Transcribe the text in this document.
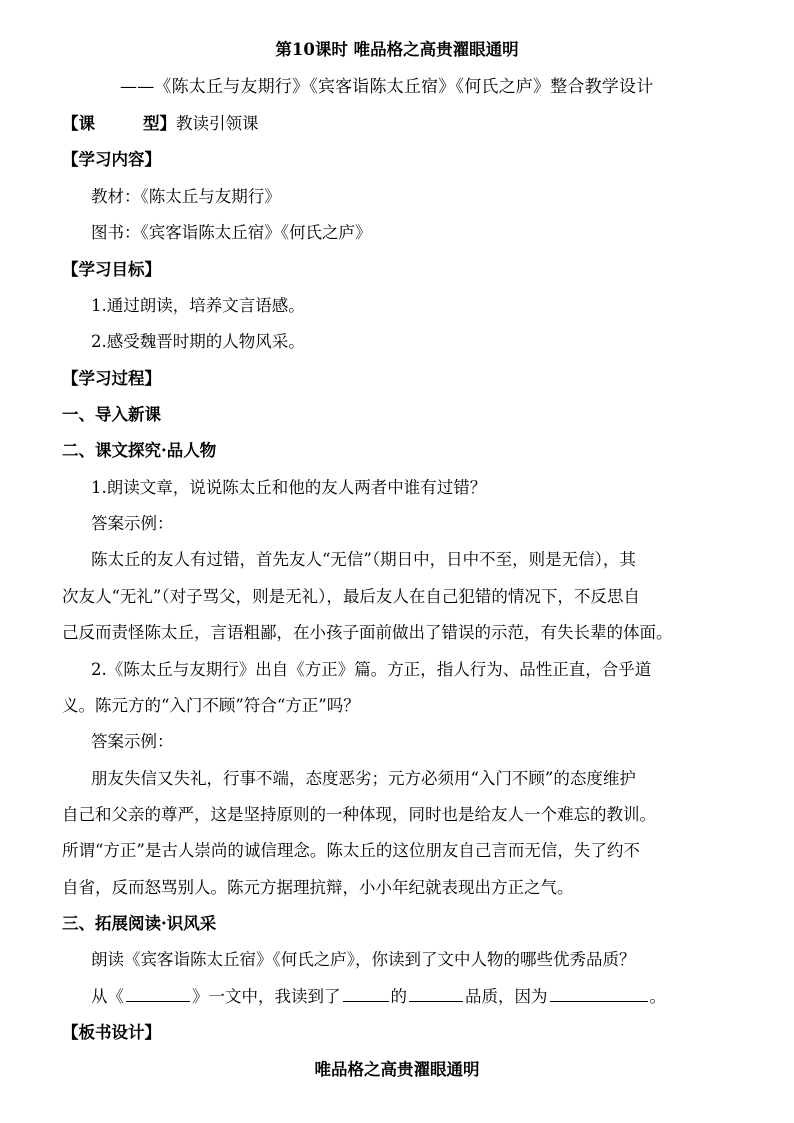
第10课时 唯品格之高贵濯眼通明
——《陈太丘与友期行》《宾客诣陈太丘宿》《何氏之庐》整合教学设计
【课	型】教读引领课
【学习内容】
教材：《陈太丘与友期行》
图书：《宾客诣陈太丘宿》《何氏之庐》
【学习目标】
1.通过朗读，培养文言语感。
2.感受魏晋时期的人物风采。
【学习过程】
一、导入新课
二、课文探究·品人物
1.朗读文章，说说陈太丘和他的友人两者中谁有过错？
答案示例：
陈太丘的友人有过错，首先友人“无信”（期日中，日中不至，则是无信），其
次友人“无礼”（对子骂父，则是无礼），最后友人在自己犯错的情况下，不反思自
己反而责怪陈太丘，言语粗鄙，在小孩子面前做出了错误的示范，有失长辈的体面。
2.《陈太丘与友期行》出自《方正》篇。方正，指人行为、品性正直，合乎道
义。陈元方的“入门不顾”符合“方正”吗？
答案示例：
朋友失信又失礼，行事不端，态度恶劣；元方必须用“入门不顾”的态度维护
自己和父亲的尊严，这是坚持原则的一种体现，同时也是给友人一个难忘的教训。
所谓“方正”是古人崇尚的诚信理念。陈太丘的这位朋友自己言而无信，失了约不
自省，反而怒骂别人。陈元方据理抗辩，小小年纪就表现出方正之气。
三、拓展阅读·识风采
朗读《宾客诣陈太丘宿》《何氏之庐》，你读到了文中人物的哪些优秀品质？
从《	》一文中，我读到了	的	品质，因为	。
【板书设计】
唯品格之高贵濯眼通明
